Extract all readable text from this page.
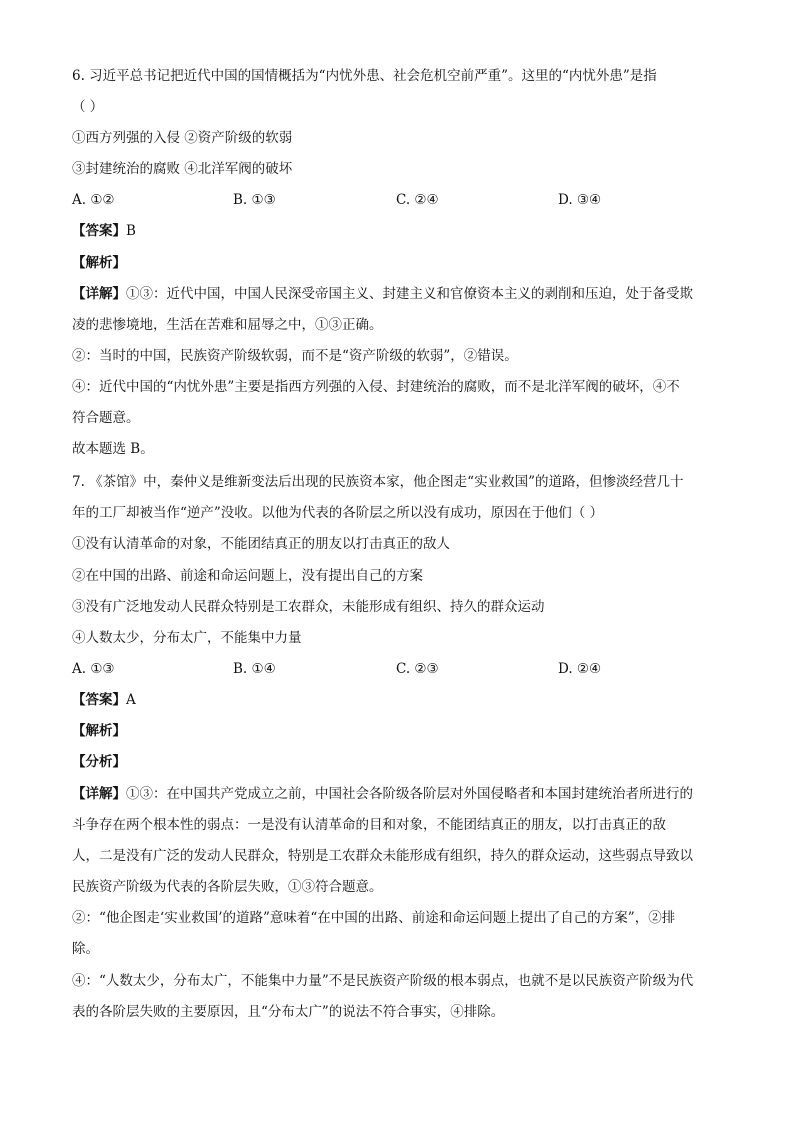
6. 习近平总书记把近代中国的国情概括为“内忧外患、社会危机空前严重”。这里的“内忧外患”是指
（ ）
①西方列强的入侵 ②资产阶级的软弱
③封建统治的腐败 ④北洋军阀的破坏
A. ①②	B. ①③	C. ②④	D. ③④
【答案】B
【解析】
【详解】①③：近代中国，中国人民深受帝国主义、封建主义和官僚资本主义的剥削和压迫，处于备受欺
凌的悲惨境地，生活在苦难和屈辱之中，①③正确。
②：当时的中国，民族资产阶级软弱，而不是“资产阶级的软弱”，②错误。
④：近代中国的“内忧外患”主要是指西方列强的入侵、封建统治的腐败，而不是北洋军阀的破坏，④不
符合题意。
故本题选 B。
7. 《茶馆》中，秦仲义是维新变法后出现的民族资本家，他企图走“实业救国”的道路，但惨淡经营几十
年的工厂却被当作“逆产”没收。以他为代表的各阶层之所以没有成功，原因在于他们（ ）
①没有认清革命的对象，不能团结真正的朋友以打击真正的敌人
②在中国的出路、前途和命运问题上，没有提出自己的方案
③没有广泛地发动人民群众特别是工农群众，未能形成有组织、持久的群众运动
④人数太少，分布太广，不能集中力量
A. ①③	B. ①④	C. ②③	D. ②④
【答案】A
【解析】
【分析】
【详解】①③：在中国共产党成立之前，中国社会各阶级各阶层对外国侵略者和本国封建统治者所进行的
斗争存在两个根本性的弱点：一是没有认清革命的目和对象，不能团结真正的朋友，以打击真正的敌
人，二是没有广泛的发动人民群众，特别是工农群众未能形成有组织，持久的群众运动，这些弱点导致以
民族资产阶级为代表的各阶层失败，①③符合题意。
②：“他企图走‘实业救国’的道路”意味着“在中国的出路、前途和命运问题上提出了自己的方案”，②排
除。
④：“人数太少，分布太广，不能集中力量”不是民族资产阶级的根本弱点，也就不是以民族资产阶级为代
表的各阶层失败的主要原因，且“分布太广”的说法不符合事实，④排除。
